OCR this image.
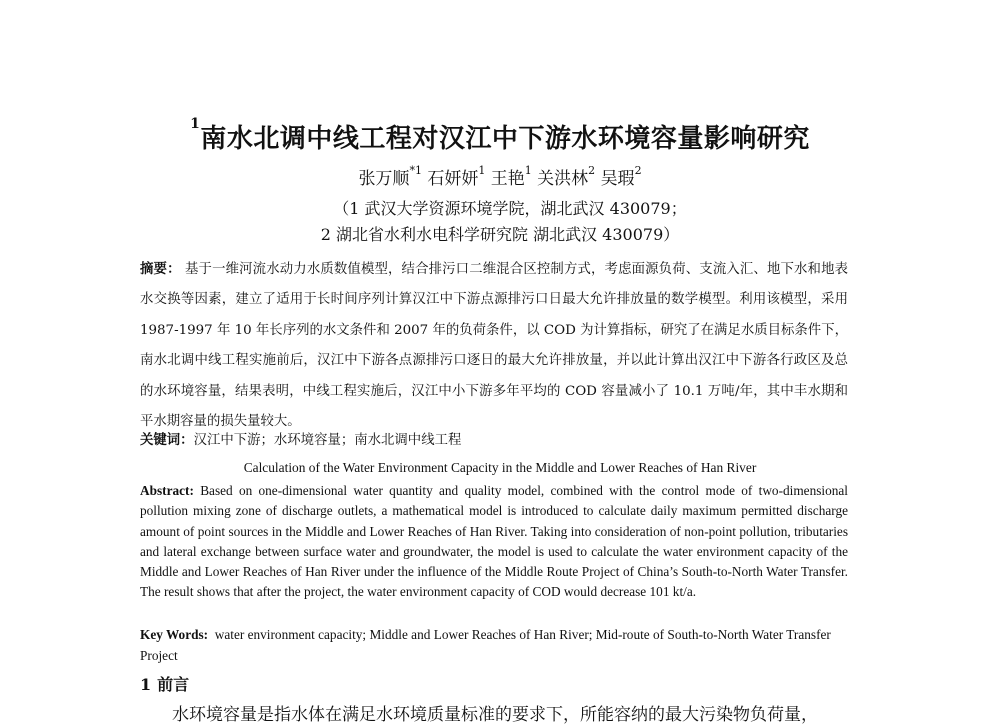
$^1$南水北调中线工程对汉江中下游水环境容量影响研究
张万顺$^{*1}$ 石妍妍$^1$ 王艳$^1$ 关洪林$^2$ 吴瑕$^2$
（1 武汉大学资源环境学院，湖北武汉 430079；
2 湖北省水利水电科学研究院 湖北武汉 430079）
摘要： 基于一维河流水动力水质数值模型，结合排污口二维混合区控制方式，考虑面源负荷、支流入汇、地下水和地表水交换等因素，建立了适用于长时间序列计算汉江中下游点源排污口日最大允许排放量的数学模型。利用该模型，采用 1987-1997 年 10 年长序列的水文条件和 2007 年的负荷条件，以 COD 为计算指标，研究了在满足水质目标条件下，南水北调中线工程实施前后，汉江中下游各点源排污口逐日的最大允许排放量，并以此计算出汉江中下游各行政区及总的水环境容量，结果表明，中线工程实施后，汉江中小下游多年平均的 COD 容量减小了 10.1 万吨/年，其中丰水期和平水期容量的损失量较大。
关键词：汉江中下游；水环境容量；南水北调中线工程
Calculation of the Water Environment Capacity in the Middle and Lower Reaches of Han River
Abstract: Based on one-dimensional water quantity and quality model, combined with the control mode of two-dimensional pollution mixing zone of discharge outlets, a mathematical model is introduced to calculate daily maximum permitted discharge amount of point sources in the Middle and Lower Reaches of Han River. Taking into consideration of non-point pollution, tributaries and lateral exchange between surface water and groundwater, the model is used to calculate the water environment capacity of the Middle and Lower Reaches of Han River under the influence of the Middle Route Project of China’s South-to-North Water Transfer. The result shows that after the project, the water environment capacity of COD would decrease 101 kt/a.
Key Words: water environment capacity; Middle and Lower Reaches of Han River; Mid-route of South-to-North Water Transfer Project
1 前言
水环境容量是指水体在满足水环境质量标准的要求下，所能容纳的最大污染物负荷量，
